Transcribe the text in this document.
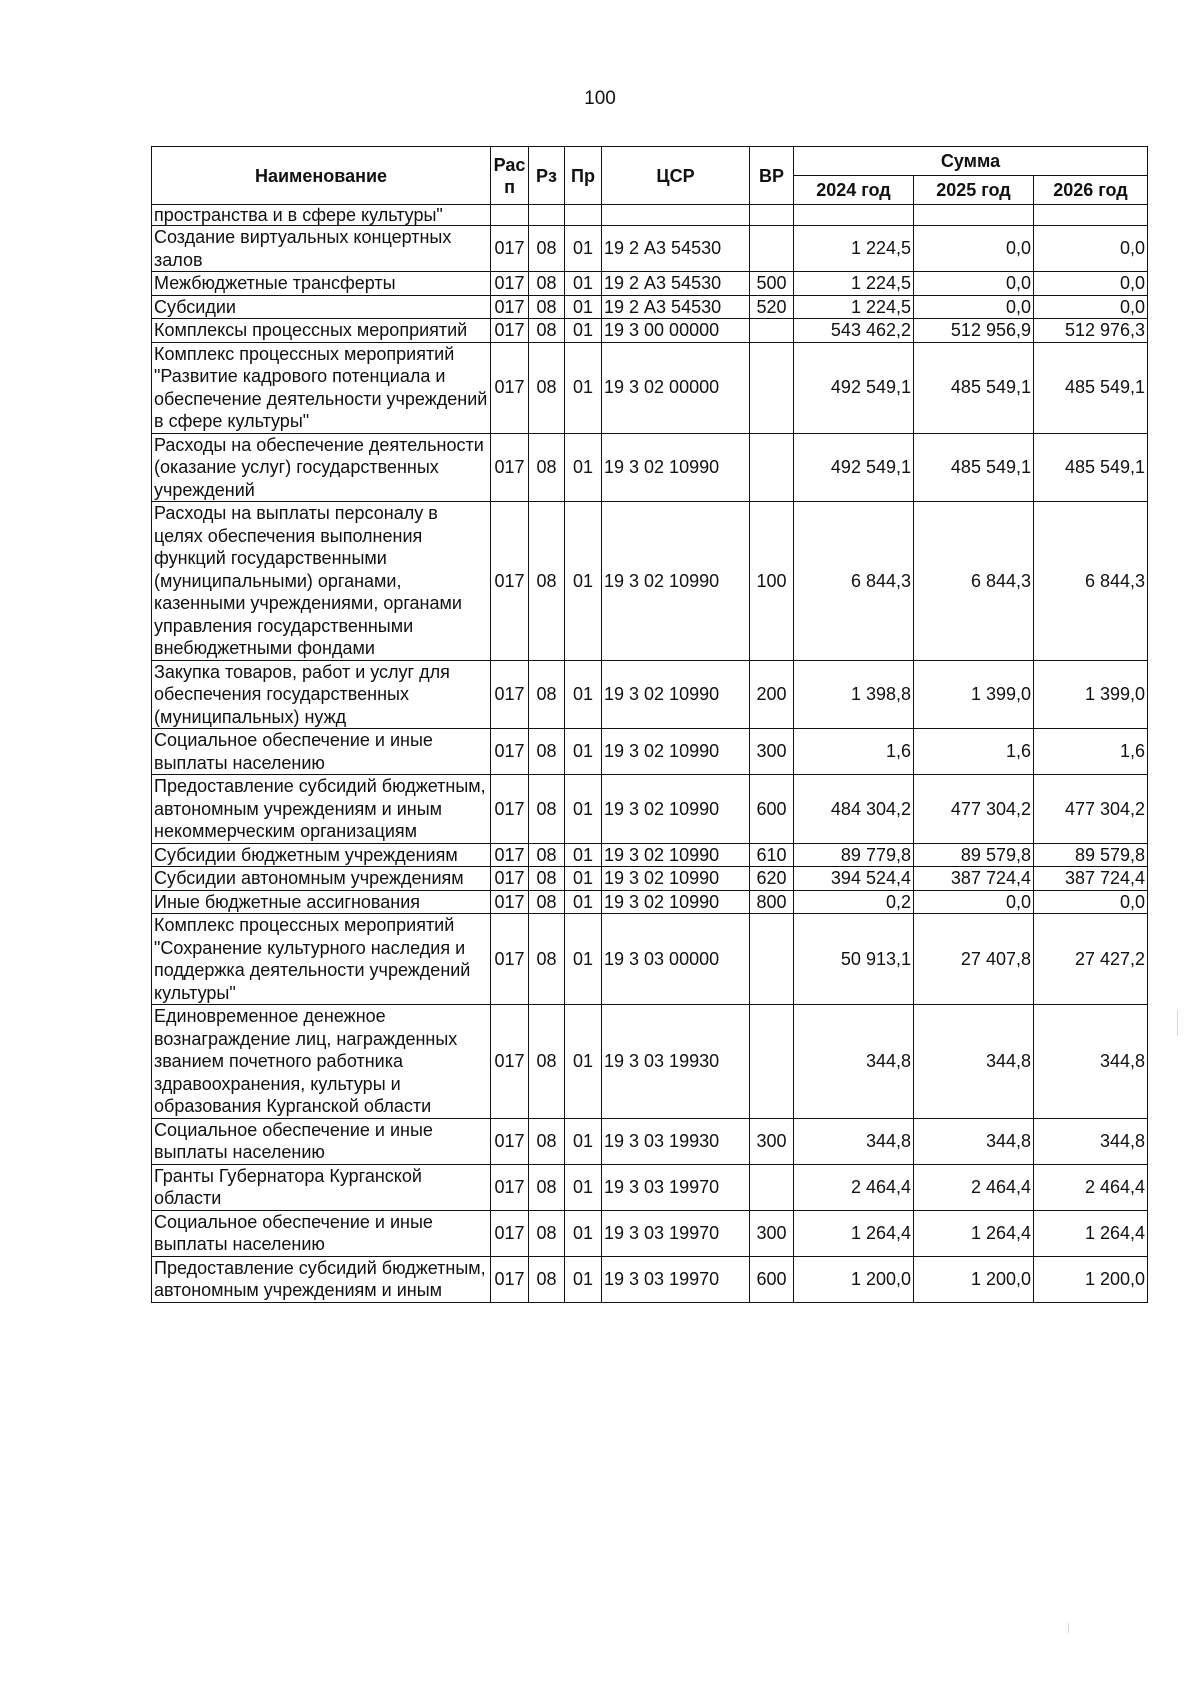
100
Наименование	Рас п	Рз	Пр	ЦСР	ВР	Сумма		
						2024 год	2025 год	2026 год
пространства и в сфере культуры"								
Создание виртуальных концертных залов	017	08	01	19 2 А3 54530		1 224,5	0,0	0,0
Межбюджетные трансферты	017	08	01	19 2 А3 54530	500	1 224,5	0,0	0,0
Субсидии	017	08	01	19 2 А3 54530	520	1 224,5	0,0	0,0
Комплексы процессных мероприятий	017	08	01	19 3 00 00000		543 462,2	512 956,9	512 976,3
Комплекс процессных мероприятий "Развитие кадрового потенциала и обеспечение деятельности учреждений в сфере культуры"	017	08	01	19 3 02 00000		492 549,1	485 549,1	485 549,1
Расходы на обеспечение деятельности (оказание услуг) государственных учреждений	017	08	01	19 3 02 10990		492 549,1	485 549,1	485 549,1
Расходы на выплаты персоналу в целях обеспечения выполнения функций государственными (муниципальными) органами, казенными учреждениями, органами управления государственными внебюджетными фондами	017	08	01	19 3 02 10990	100	6 844,3	6 844,3	6 844,3
Закупка товаров, работ и услуг для обеспечения государственных (муниципальных) нужд	017	08	01	19 3 02 10990	200	1 398,8	1 399,0	1 399,0
Социальное обеспечение и иные выплаты населению	017	08	01	19 3 02 10990	300	1,6	1,6	1,6
Предоставление субсидий бюджетным, автономным учреждениям и иным некоммерческим организациям	017	08	01	19 3 02 10990	600	484 304,2	477 304,2	477 304,2
Субсидии бюджетным учреждениям	017	08	01	19 3 02 10990	610	89 779,8	89 579,8	89 579,8
Субсидии автономным учреждениям	017	08	01	19 3 02 10990	620	394 524,4	387 724,4	387 724,4
Иные бюджетные ассигнования	017	08	01	19 3 02 10990	800	0,2	0,0	0,0
Комплекс процессных мероприятий "Сохранение культурного наследия и поддержка деятельности учреждений культуры"	017	08	01	19 3 03 00000		50 913,1	27 407,8	27 427,2
Единовременное денежное вознаграждение лиц, награжденных званием почетного работника здравоохранения, культуры и образования Курганской области	017	08	01	19 3 03 19930		344,8	344,8	344,8
Социальное обеспечение и иные выплаты населению	017	08	01	19 3 03 19930	300	344,8	344,8	344,8
Гранты Губернатора Курганской области	017	08	01	19 3 03 19970		2 464,4	2 464,4	2 464,4
Социальное обеспечение и иные выплаты населению	017	08	01	19 3 03 19970	300	1 264,4	1 264,4	1 264,4
Предоставление субсидий бюджетным, автономным учреждениям и иным	017	08	01	19 3 03 19970	600	1 200,0	1 200,0	1 200,0
